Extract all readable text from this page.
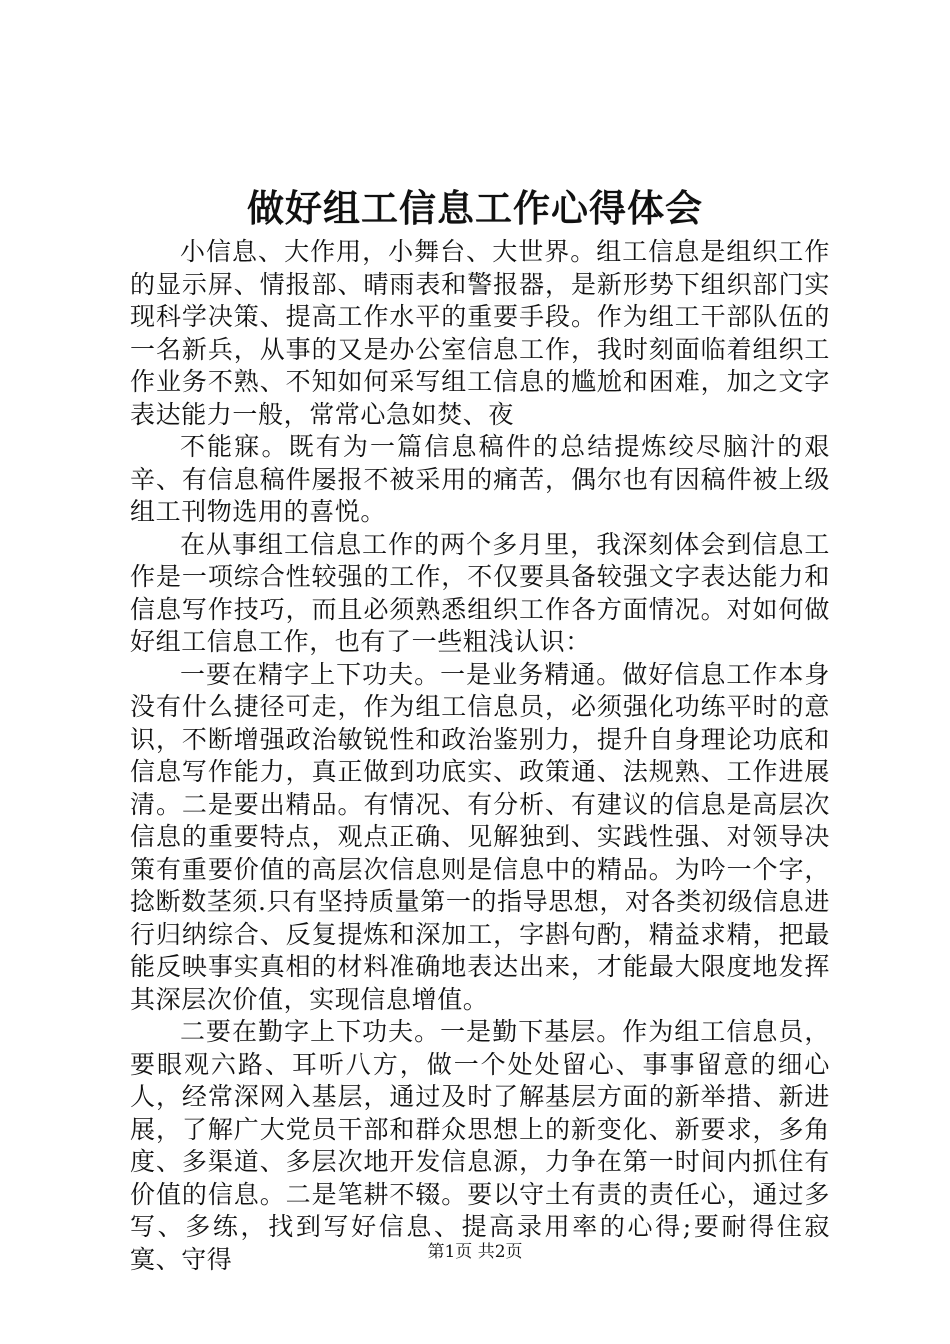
做好组工信息工作心得体会

小信息、大作用，小舞台、大世界。组工信息是组织工作的显示屏、情报部、晴雨表和警报器，是新形势下组织部门实现科学决策、提高工作水平的重要手段。作为组工干部队伍的一名新兵，从事的又是办公室信息工作，我时刻面临着组织工作业务不熟、不知如何采写组工信息的尴尬和困难，加之文字表达能力一般，常常心急如焚、夜

不能寐。既有为一篇信息稿件的总结提炼绞尽脑汁的艰辛、有信息稿件屡报不被采用的痛苦，偶尔也有因稿件被上级组工刊物选用的喜悦。

在从事组工信息工作的两个多月里，我深刻体会到信息工作是一项综合性较强的工作，不仅要具备较强文字表达能力和信息写作技巧，而且必须熟悉组织工作各方面情况。对如何做好组工信息工作，也有了一些粗浅认识：

一要在精字上下功夫。一是业务精通。做好信息工作本身没有什么捷径可走，作为组工信息员，必须强化功练平时的意识，不断增强政治敏锐性和政治鉴别力，提升自身理论功底和信息写作能力，真正做到功底实、政策通、法规熟、工作进展清。二是要出精品。有情况、有分析、有建议的信息是高层次信息的重要特点，观点正确、见解独到、实践性强、对领导决策有重要价值的高层次信息则是信息中的精品。为吟一个字，捻断数茎须.只有坚持质量第一的指导思想，对各类初级信息进行归纳综合、反复提炼和深加工，字斟句酌，精益求精，把最能反映事实真相的材料准确地表达出来，才能最大限度地发挥其深层次价值，实现信息增值。

二要在勤字上下功夫。一是勤下基层。作为组工信息员，要眼观六路、耳听八方，做一个处处留心、事事留意的细心人，经常深网入基层，通过及时了解基层方面的新举措、新进展，了解广大党员干部和群众思想上的新变化、新要求，多角度、多渠道、多层次地开发信息源，力争在第一时间内抓住有价值的信息。二是笔耕不辍。要以守土有责的责任心，通过多写、多练，找到写好信息、提高录用率的心得;要耐得住寂寞、守得	第1页 共2页
